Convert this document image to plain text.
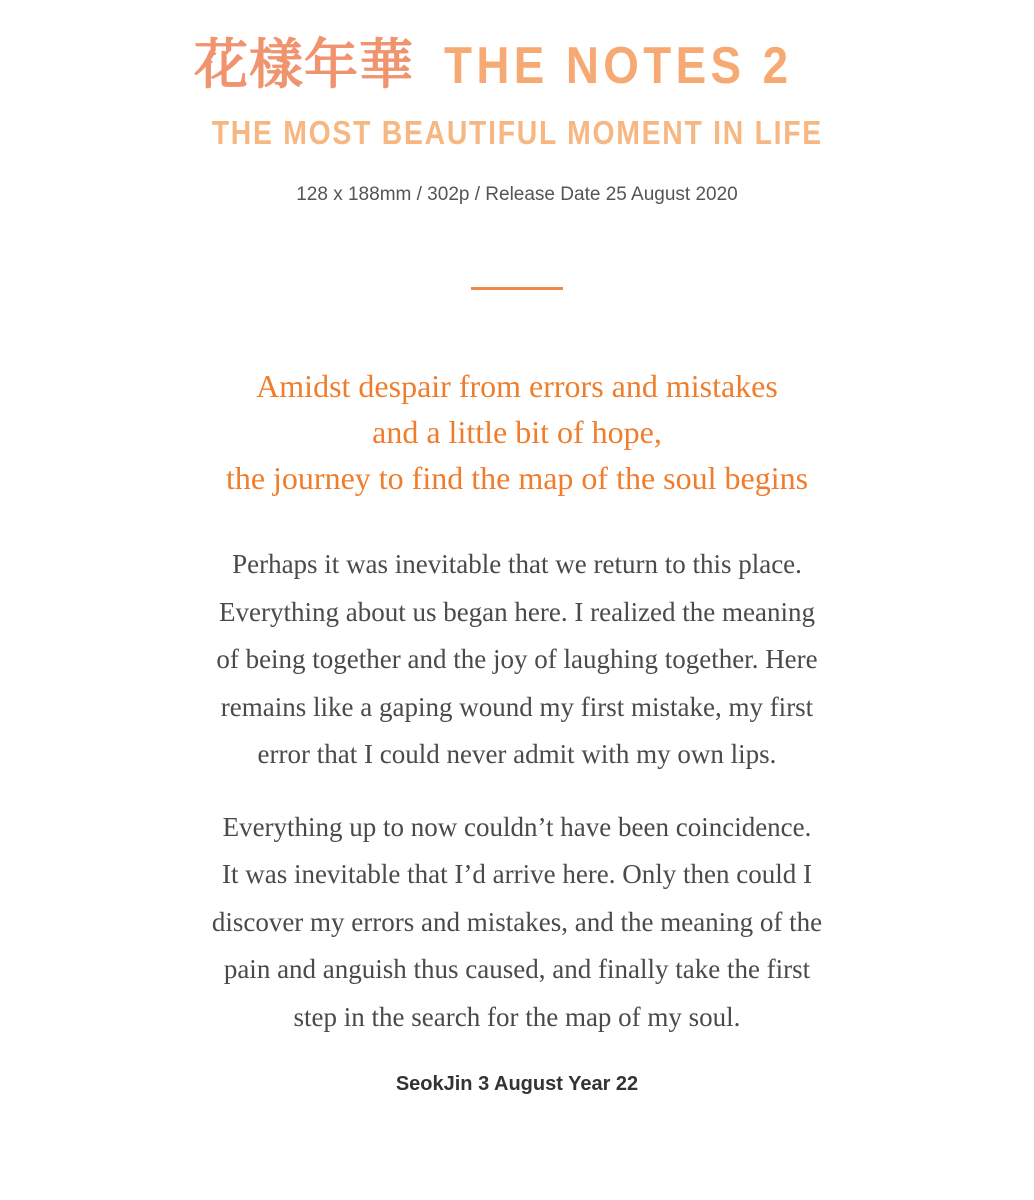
花樣年華 THE NOTES 2
THE MOST BEAUTIFUL MOMENT IN LIFE
128 x 188mm / 302p / Release Date 25 August 2020
Amidst despair from errors and mistakes
and a little bit of hope,
the journey to find the map of the soul begins
Perhaps it was inevitable that we return to this place.
Everything about us began here. I realized the meaning
of being together and the joy of laughing together. Here
remains like a gaping wound my first mistake, my first
error that I could never admit with my own lips.
Everything up to now couldn’t have been coincidence.
It was inevitable that I’d arrive here. Only then could I
discover my errors and mistakes, and the meaning of the
pain and anguish thus caused, and finally take the first
step in the search for the map of my soul.
SeokJin 3 August Year 22
